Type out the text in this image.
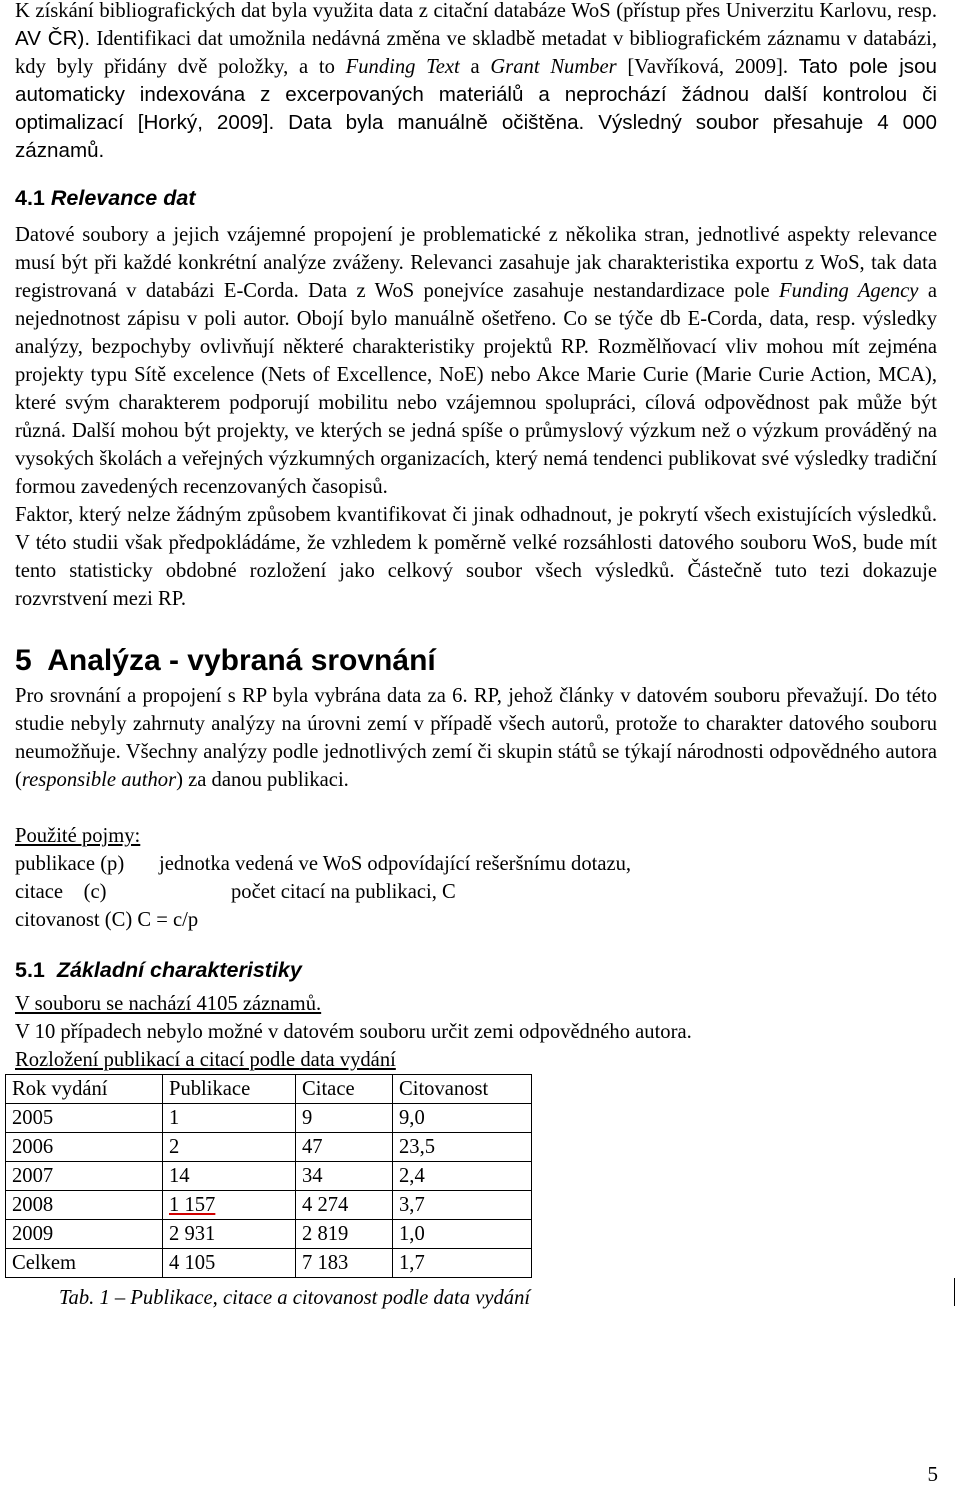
K získání bibliografických dat byla využita data z citační databáze WoS (přístup přes Univerzitu Karlovu, resp. AV ČR). Identifikaci dat umožnila nedávná změna ve skladbě metadat v bibliografickém záznamu v databázi, kdy byly přidány dvě položky, a to Funding Text a Grant Number [Vavříková, 2009]. Tato pole jsou automaticky indexována z excerpovaných materiálů a neprochází žádnou další kontrolou či optimalizací [Horký, 2009]. Data byla manuálně očištěna. Výsledný soubor přesahuje 4 000 záznamů.

4.1 Relevance dat

Datové soubory a jejich vzájemné propojení je problematické z několika stran, jednotlivé aspekty relevance musí být při každé konkrétní analýze zváženy. Relevanci zasahuje jak charakteristika exportu z WoS, tak data registrovaná v databázi E-Corda. Data z WoS ponejvíce zasahuje nestandardizace pole Funding Agency a nejednotnost zápisu v poli autor. Obojí bylo manuálně ošetřeno. Co se týče db E-Corda, data, resp. výsledky analýzy, bezpochyby ovlivňují některé charakteristiky projektů RP. Rozmělňovací vliv mohou mít zejména projekty typu Sítě excelence (Nets of Excellence, NoE) nebo Akce Marie Curie (Marie Curie Action, MCA), které svým charakterem podporují mobilitu nebo vzájemnou spolupráci, cílová odpovědnost pak může být různá. Další mohou být projekty, ve kterých se jedná spíše o průmyslový výzkum než o výzkum prováděný na vysokých školách a veřejných výzkumných organizacích, který nemá tendenci publikovat své výsledky tradiční formou zavedených recenzovaných časopisů.

Faktor, který nelze žádným způsobem kvantifikovat či jinak odhadnout, je pokrytí všech existujících výsledků. V této studii však předpokládáme, že vzhledem k poměrně velké rozsáhlosti datového souboru WoS, bude mít tento statisticky obdobné rozložení jako celkový soubor všech výsledků. Částečně tuto tezi dokazuje rozvrstvení mezi RP.

5 Analýza - vybraná srovnání

Pro srovnání a propojení s RP byla vybrána data za 6. RP, jehož články v datovém souboru převažují. Do této studie nebyly zahrnuty analýzy na úrovni zemí v případě všech autorů, protože to charakter datového souboru neumožňuje. Všechny analýzy podle jednotlivých zemí či skupin států se týkají národnosti odpovědného autora (responsible author) za danou publikaci.

Použité pojmy:
publikace (p)	jednotka vedená ve WoS odpovídající rešeršnímu dotazu,
citace    (c)	počet citací na publikaci, C
citovanost (C) C = c/p
5.1 Základní charakteristiky
V souboru se nachází 4105 záznamů.
V 10 případech nebylo možné v datovém souboru určit zemi odpovědného autora.
Rozložení publikací a citací podle data vydání
Rok vydání	Publikace	Citace	Citovanost
2005	1	9	9,0
2006	2	47	23,5
2007	14	34	2,4
2008	1 157	4 274	3,7
2009	2 931	2 819	1,0
Celkem	4 105	7 183	1,7
Tab. 1 – Publikace, citace a citovanost podle data vydání
5
